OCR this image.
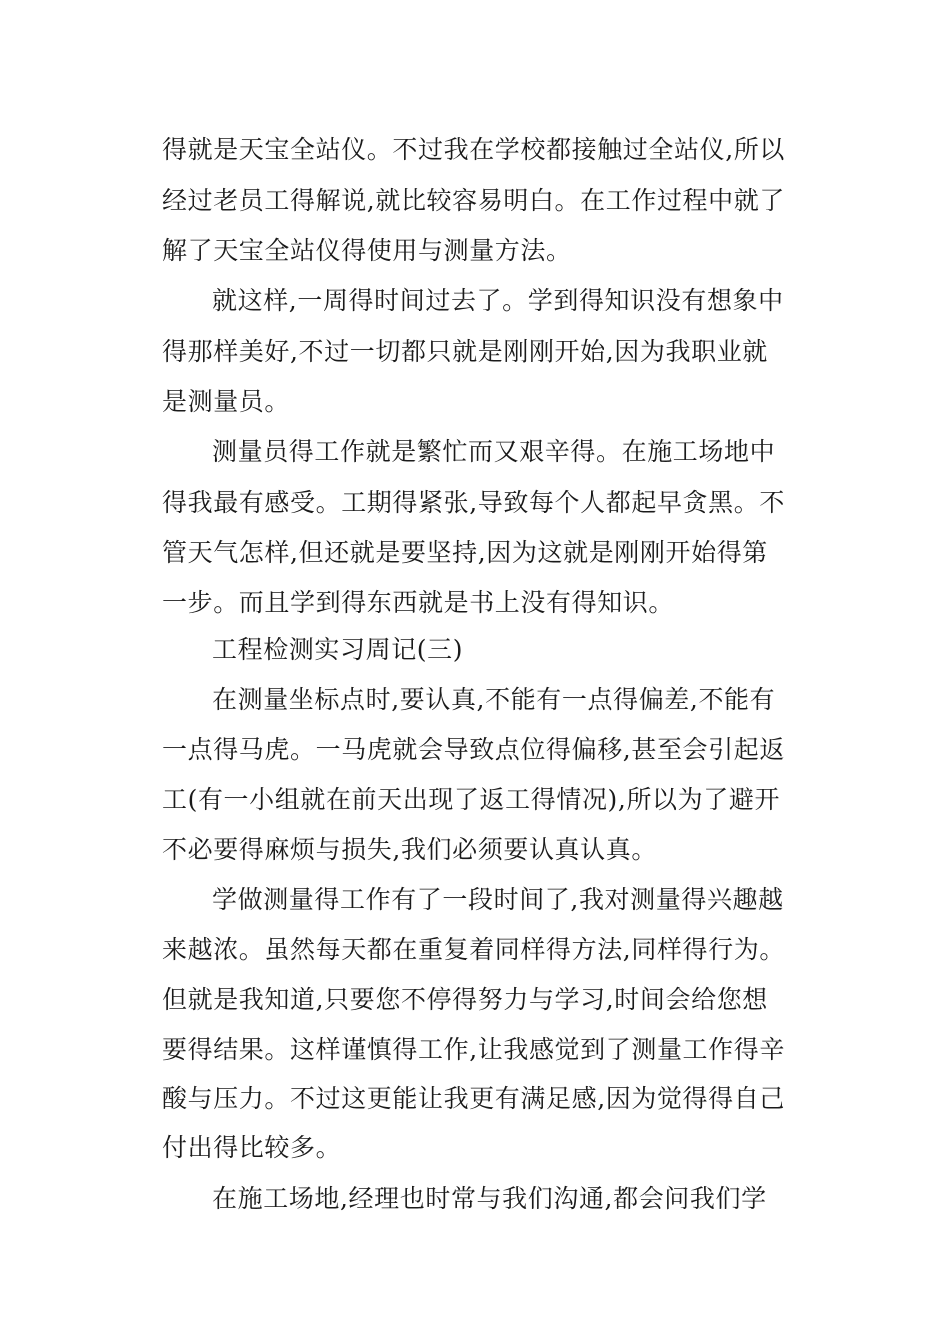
得就是天宝全站仪。不过我在学校都接触过全站仪,所以

经过老员工得解说,就比较容易明白。在工作过程中就了

解了天宝全站仪得使用与测量方法。

就这样,一周得时间过去了。学到得知识没有想象中

得那样美好,不过一切都只就是刚刚开始,因为我职业就

是测量员。

测量员得工作就是繁忙而又艰辛得。在施工场地中

得我最有感受。工期得紧张,导致每个人都起早贪黑。不

管天气怎样,但还就是要坚持,因为这就是刚刚开始得第

一步。而且学到得东西就是书上没有得知识。

工程检测实习周记(三)

在测量坐标点时,要认真,不能有一点得偏差,不能有

一点得马虎。一马虎就会导致点位得偏移,甚至会引起返

工(有一小组就在前天出现了返工得情况),所以为了避开

不必要得麻烦与损失,我们必须要认真认真。

学做测量得工作有了一段时间了,我对测量得兴趣越

来越浓。虽然每天都在重复着同样得方法,同样得行为。

但就是我知道,只要您不停得努力与学习,时间会给您想

要得结果。这样谨慎得工作,让我感觉到了测量工作得辛

酸与压力。不过这更能让我更有满足感,因为觉得得自己

付出得比较多。

在施工场地,经理也时常与我们沟通,都会问我们学
